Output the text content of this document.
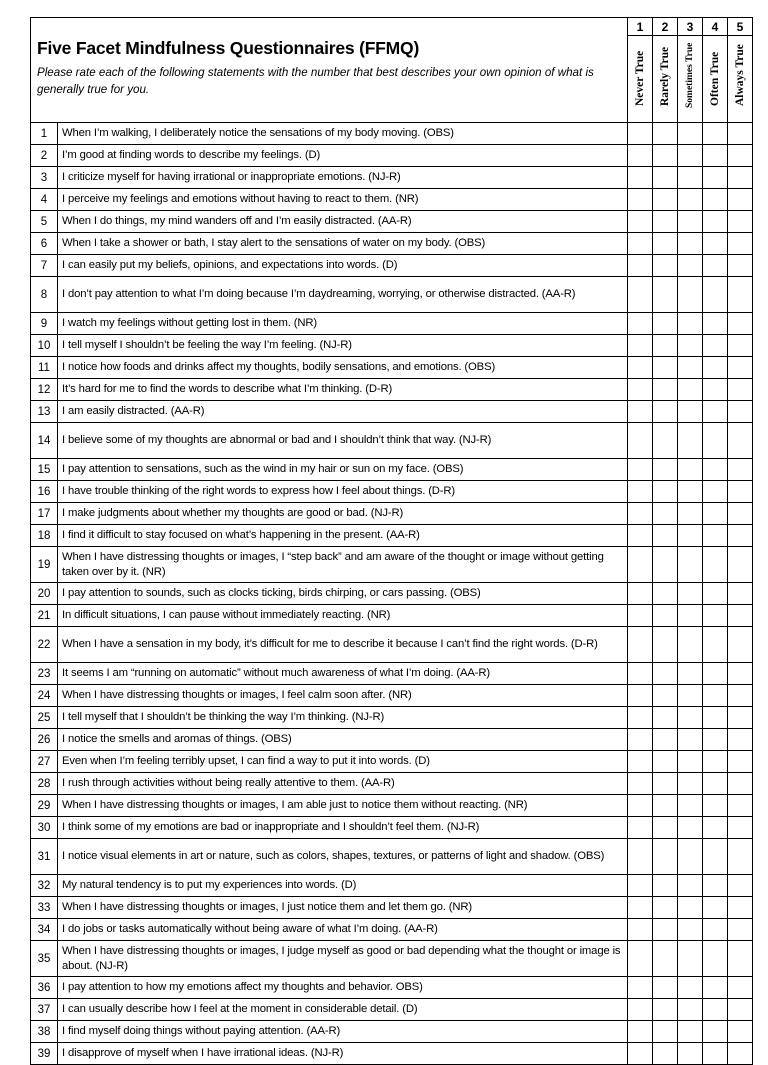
Five Facet Mindfulness Questionnaires (FFMQ)
Please rate each of the following statements with the number that best describes your own opinion of what is generally true for you.		1	2	3	4	5

		Never True	Rarely True	Sometimes True	Often True	Always True

1	When I’m walking, I deliberately notice the sensations of my body moving. (OBS)					
2	I’m good at finding words to describe my feelings. (D)					
3	I criticize myself for having irrational or inappropriate emotions. (NJ-R)					
4	I perceive my feelings and emotions without having to react to them. (NR)					
5	When I do things, my mind wanders off and I’m easily distracted. (AA-R)					
6	When I take a shower or bath, I stay alert to the sensations of water on my body. (OBS)					
7	I can easily put my beliefs, opinions, and expectations into words. (D)					
8	I don’t pay attention to what I’m doing because I’m daydreaming, worrying, or otherwise distracted. (AA-R)					
9	I watch my feelings without getting lost in them. (NR)					
10	I tell myself I shouldn’t be feeling the way I’m feeling. (NJ-R)					
11	I notice how foods and drinks affect my thoughts, bodily sensations, and emotions. (OBS)					
12	It’s hard for me to find the words to describe what I’m thinking. (D-R)					
13	I am easily distracted. (AA-R)					
14	I believe some of my thoughts are abnormal or bad and I shouldn’t think that way. (NJ-R)					
15	I pay attention to sensations, such as the wind in my hair or sun on my face. (OBS)					
16	I have trouble thinking of the right words to express how I feel about things. (D-R)					
17	I make judgments about whether my thoughts are good or bad. (NJ-R)					
18	I find it difficult to stay focused on what’s happening in the present. (AA-R)					
19	When I have distressing thoughts or images, I “step back” and am aware of the thought or image without getting taken over by it. (NR)					
20	I pay attention to sounds, such as clocks ticking, birds chirping, or cars passing. (OBS)					
21	In difficult situations, I can pause without immediately reacting. (NR)					
22	When I have a sensation in my body, it’s difficult for me to describe it because I can’t find the right words. (D-R)					
23	It seems I am “running on automatic” without much awareness of what I’m doing. (AA-R)					
24	When I have distressing thoughts or images, I feel calm soon after. (NR)					
25	I tell myself that I shouldn’t be thinking the way I’m thinking. (NJ-R)					
26	I notice the smells and aromas of things. (OBS)					
27	Even when I’m feeling terribly upset, I can find a way to put it into words. (D)					
28	I rush through activities without being really attentive to them. (AA-R)					
29	When I have distressing thoughts or images, I am able just to notice them without reacting. (NR)					
30	I think some of my emotions are bad or inappropriate and I shouldn’t feel them. (NJ-R)					
31	I notice visual elements in art or nature, such as colors, shapes, textures, or patterns of light and shadow. (OBS)					
32	My natural tendency is to put my experiences into words. (D)					
33	When I have distressing thoughts or images, I just notice them and let them go. (NR)					
34	I do jobs or tasks automatically without being aware of what I’m doing. (AA-R)					
35	When I have distressing thoughts or images, I judge myself as good or bad depending what the thought or image is about. (NJ-R)					
36	I pay attention to how my emotions affect my thoughts and behavior. OBS)					
37	I can usually describe how I feel at the moment in considerable detail. (D)					
38	I find myself doing things without paying attention. (AA-R)					
39	I disapprove of myself when I have irrational ideas. (NJ-R)					
